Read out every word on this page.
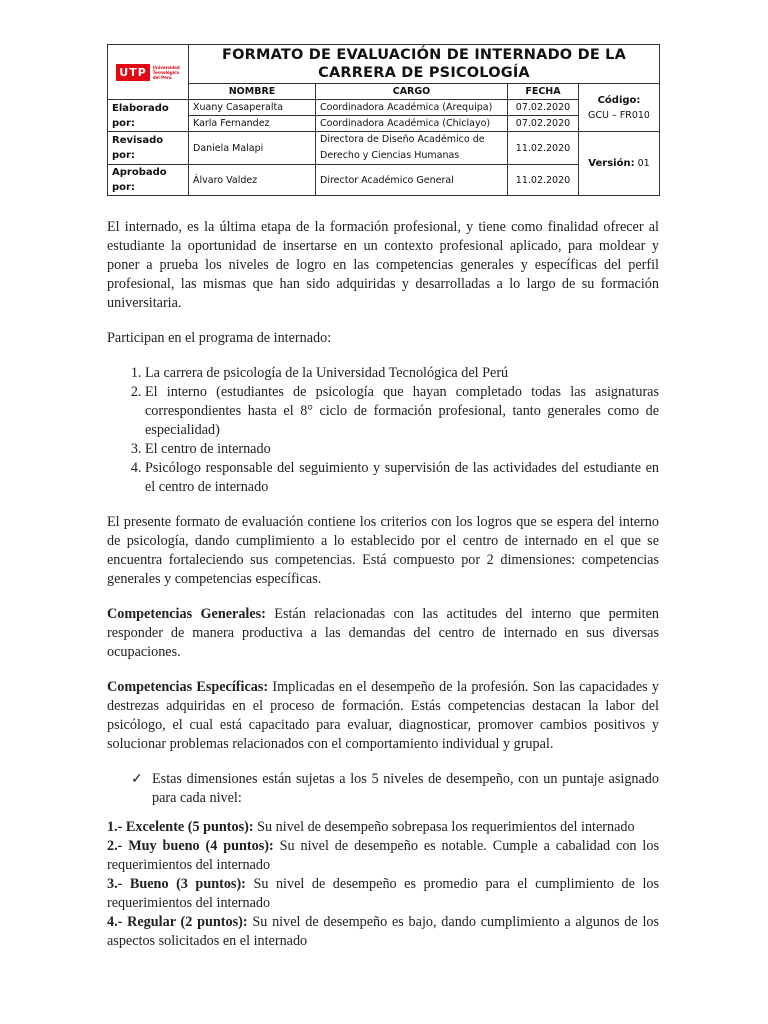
UTP Universidad
Tecnológica
del Perú	FORMATO DE EVALUACIÓN DE INTERNADO DE LA CARRERA DE PSICOLOGÍA			
	NOMBRE	CARGO	FECHA	Código:
GCU – FR010
Elaborado por:	Xuany Casaperalta	Coordinadora Académica (Arequipa)	07.02.2020	
	Karla Fernandez	Coordinadora Académica (Chiclayo)	07.02.2020	
Revisado por:	Daniela Malapi	Directora de Diseño Académico de Derecho y Ciencias Humanas	11.02.2020	Versión: 01
Aprobado por:	Álvaro Valdez	Director Académico General	11.02.2020	

El internado, es la última etapa de la formación profesional, y tiene como finalidad ofrecer al estudiante la oportunidad de insertarse en un contexto profesional aplicado, para moldear y poner a prueba los niveles de logro en las competencias generales y específicas del perfil profesional, las mismas que han sido adquiridas y desarrolladas a lo largo de su formación universitaria.

Participan en el programa de internado:

1. La carrera de psicología de la Universidad Tecnológica del Perú
2. El interno (estudiantes de psicología que hayan completado todas las asignaturas correspondientes hasta el 8° ciclo de formación profesional, tanto generales como de especialidad)
3. El centro de internado
4. Psicólogo responsable del seguimiento y supervisión de las actividades del estudiante en el centro de internado

El presente formato de evaluación contiene los criterios con los logros que se espera del interno de psicología, dando cumplimiento a lo establecido por el centro de internado en el que se encuentra fortaleciendo sus competencias. Está compuesto por 2 dimensiones: competencias generales y competencias específicas.

Competencias Generales: Están relacionadas con las actitudes del interno que permiten responder de manera productiva a las demandas del centro de internado en sus diversas ocupaciones.

Competencias Específicas: Implicadas en el desempeño de la profesión. Son las capacidades y destrezas adquiridas en el proceso de formación. Estás competencias destacan la labor del psicólogo, el cual está capacitado para evaluar, diagnosticar, promover cambios positivos y solucionar problemas relacionados con el comportamiento individual y grupal.

✓ Estas dimensiones están sujetas a los 5 niveles de desempeño, con un puntaje asignado para cada nivel:

1.- Excelente (5 puntos): Su nivel de desempeño sobrepasa los requerimientos del internado

2.- Muy bueno (4 puntos): Su nivel de desempeño es notable. Cumple a cabalidad con los requerimientos del internado

3.- Bueno (3 puntos): Su nivel de desempeño es promedio para el cumplimiento de los requerimientos del internado

4.- Regular (2 puntos): Su nivel de desempeño es bajo, dando cumplimiento a algunos de los aspectos solicitados en el internado
